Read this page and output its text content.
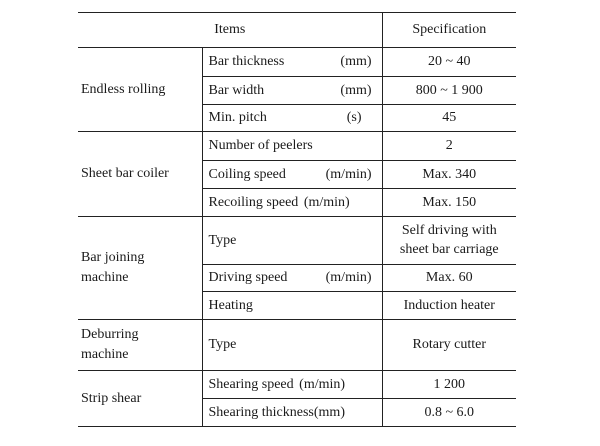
Items		Specification

Endless rolling	Bar thickness (mm)	20 ~ 40
	Bar width (mm)	800 ~ 1 900
	Min. pitch (s)	45

Sheet bar coiler	Number of peelers	2
	Coiling speed (m/min)	Max. 340
	Recoiling speed (m/min)	Max. 150

Bar joining
machine	Type	Self driving with
sheet bar carriage

	Driving speed (m/min)	Max. 60
	Heating	Induction heater

Deburring
machine	Type	Rotary cutter

Strip shear	Shearing speed (m/min)	1 200
	Shearing thickness(mm)	0.8 ~ 6.0
